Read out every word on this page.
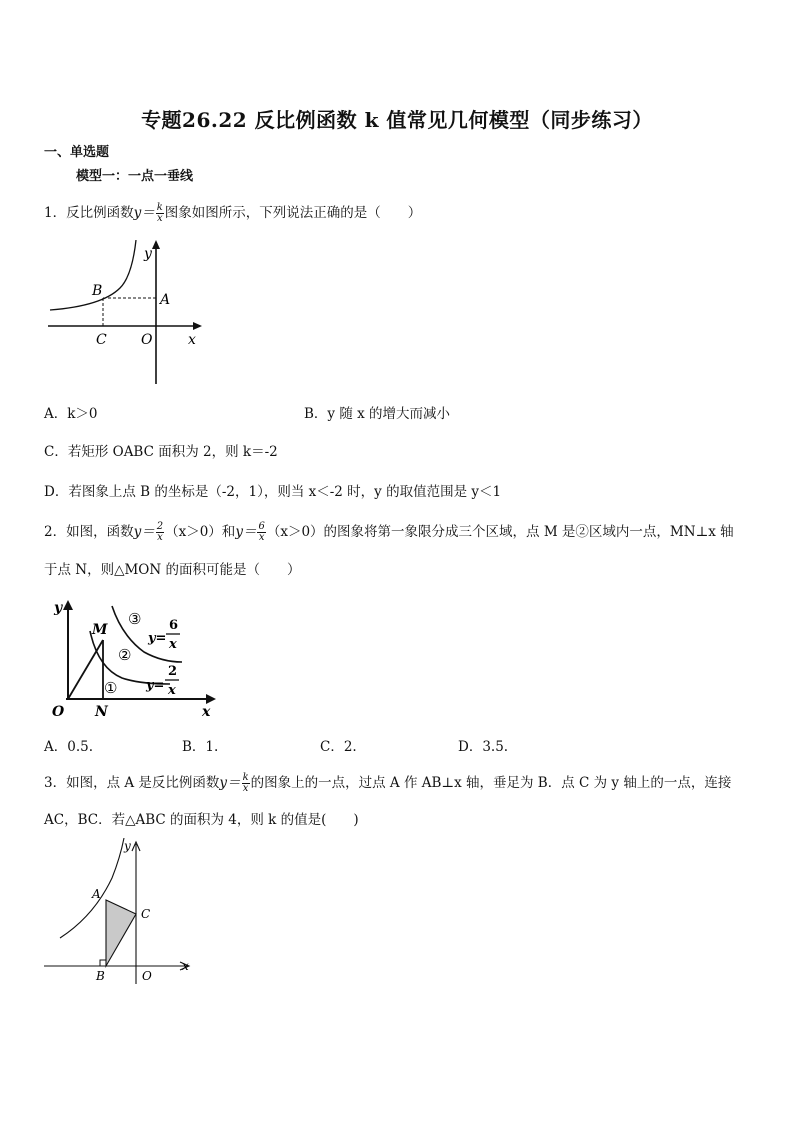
专题26.22 反比例函数 k 值常见几何模型（同步练习）
一、单选题
模型一：一点一垂线
1．反比例函数$y= \frac{k}{x}$ 图象如图所示，下列说法正确的是（　　）
y
x
B
A
C O
A．k＞0	B．y 随 x 的增大而减小
C．若矩形 OABC 面积为 2，则 k＝-2
D．若图象上点 B 的坐标是（-2，1），则当 x＜-2 时，y 的取值范围是 y＜1
2．如图，函数$y= \frac{2}{x} (x>0)$和$y= \frac{6}{x} (x>0)$的图象将第一象限分成三个区域，点 M 是②区域内一点，MN⊥x 轴
于点 N，则△MON 的面积可能是（　　）
y
x
O N
M
①
②
③
y=
6
x
y=
2
x
A．0.5.	B．1.	C．2.	D．3.5.
3．如图，点 A 是反比例函数$y= \frac{k}{x}$ 的图象上的一点，过点 A 作 AB⊥x 轴，垂足为 B．点 C 为 y 轴上的一点，连接
AC，BC．若△ABC 的面积为 4，则 k 的值是(　　)
y
x
A
B
C
O
